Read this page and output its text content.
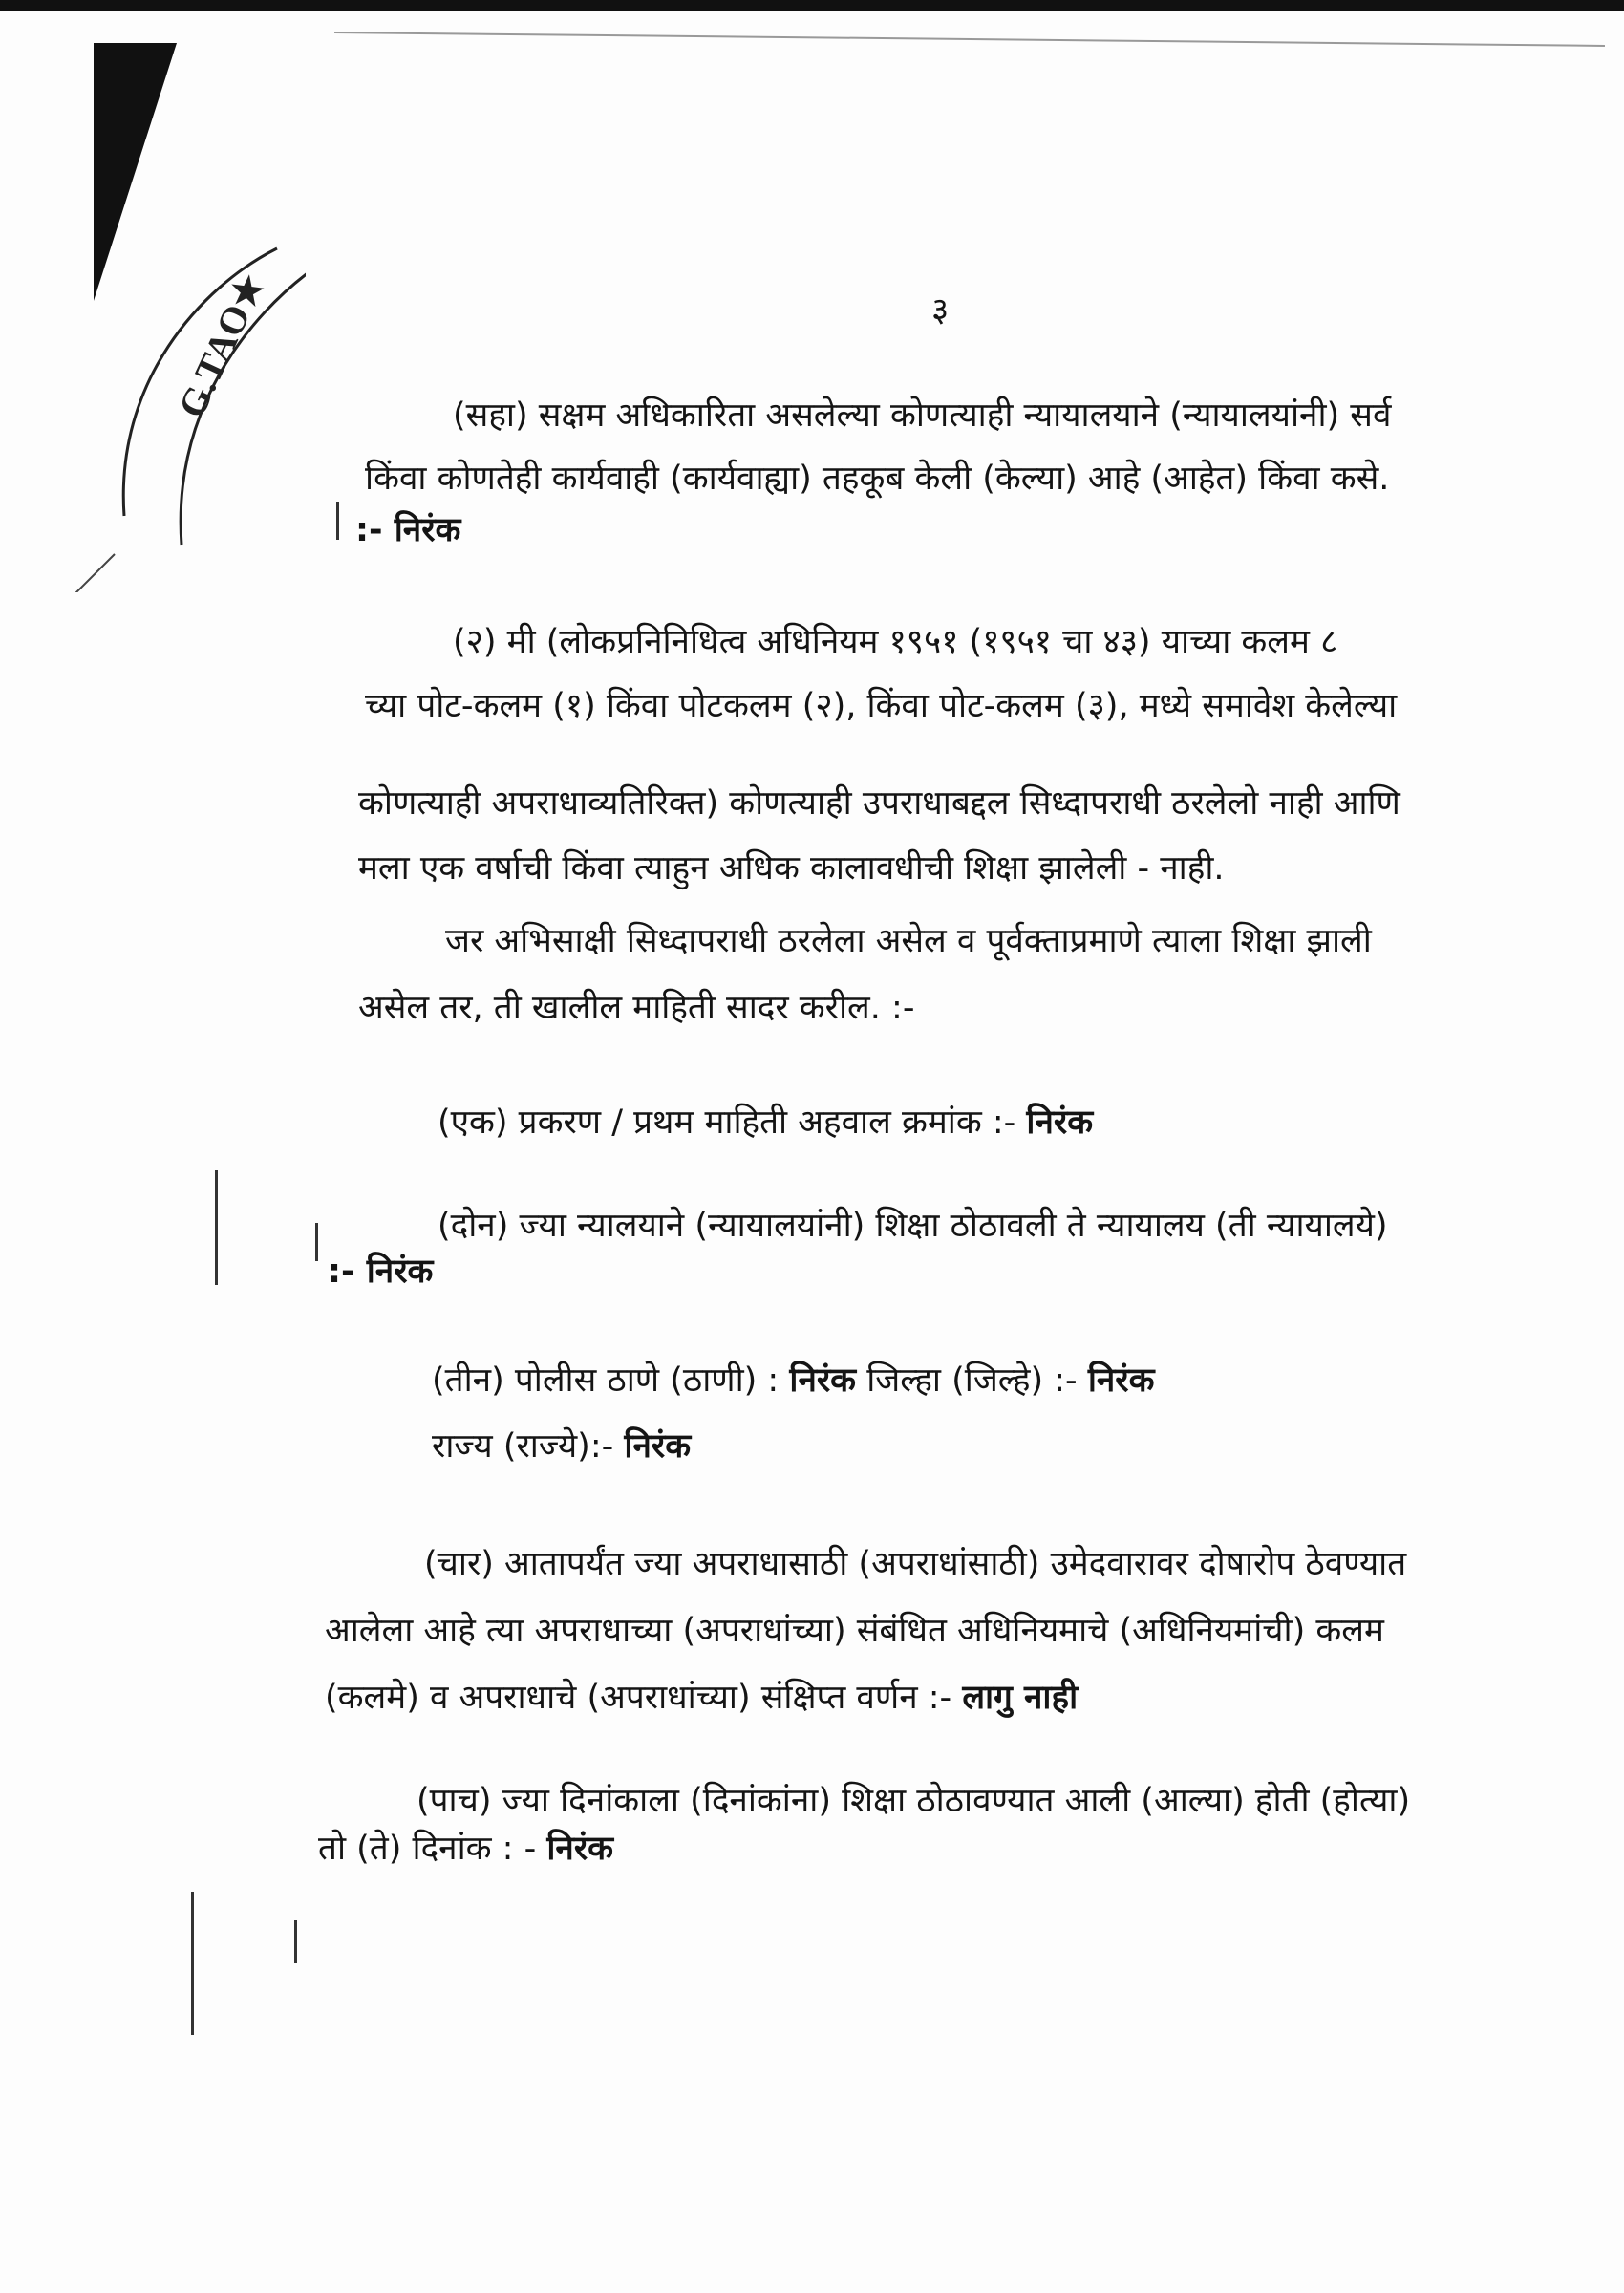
G.TAO★	३
(सहा) सक्षम अधिकारिता असलेल्या कोणत्याही न्यायालयाने (न्यायालयांनी) सर्व
किंवा कोणतेही कार्यवाही (कार्यवाह्या) तहकूब केली (केल्या) आहे (आहेत) किंवा कसे.
:- निरंक
(२) मी (लोकप्रनिनिधित्व अधिनियम १९५१ (१९५१ चा ४३) याच्या कलम ८
च्या पोट-कलम (१) किंवा पोटकलम (२), किंवा पोट-कलम (३), मध्ये समावेश केलेल्या
कोणत्याही अपराधाव्यतिरिक्त) कोणत्याही उपराधाबद्दल सिध्दापराधी ठरलेलो नाही आणि
मला एक वर्षाची किंवा त्याहुन अधिक कालावधीची शिक्षा झालेली - नाही.
जर अभिसाक्षी सिध्दापराधी ठरलेला असेल व पूर्वक्ताप्रमाणे त्याला शिक्षा झाली
असेल तर, ती खालील माहिती सादर करील. :-
(एक) प्रकरण / प्रथम माहिती अहवाल क्रमांक :- निरंक
(दोन) ज्या न्यालयाने (न्यायालयांनी) शिक्षा ठोठावली ते न्यायालय (ती न्यायालये)
:- निरंक
(तीन) पोलीस ठाणे (ठाणी) : निरंक जिल्हा (जिल्हे) :- निरंक
राज्य (राज्ये):- निरंक
(चार) आतापर्यंत ज्या अपराधासाठी (अपराधांसाठी) उमेदवारावर दोषारोप ठेवण्यात
आलेला आहे त्या अपराधाच्या (अपराधांच्या) संबंधित अधिनियमाचे (अधिनियमांची) कलम
(कलमे) व अपराधाचे (अपराधांच्या) संक्षिप्त वर्णन :- लागु नाही
(पाच) ज्या दिनांकाला (दिनांकांना) शिक्षा ठोठावण्यात आली (आल्या) होती (होत्या)
तो (ते) दिनांक : - निरंक
